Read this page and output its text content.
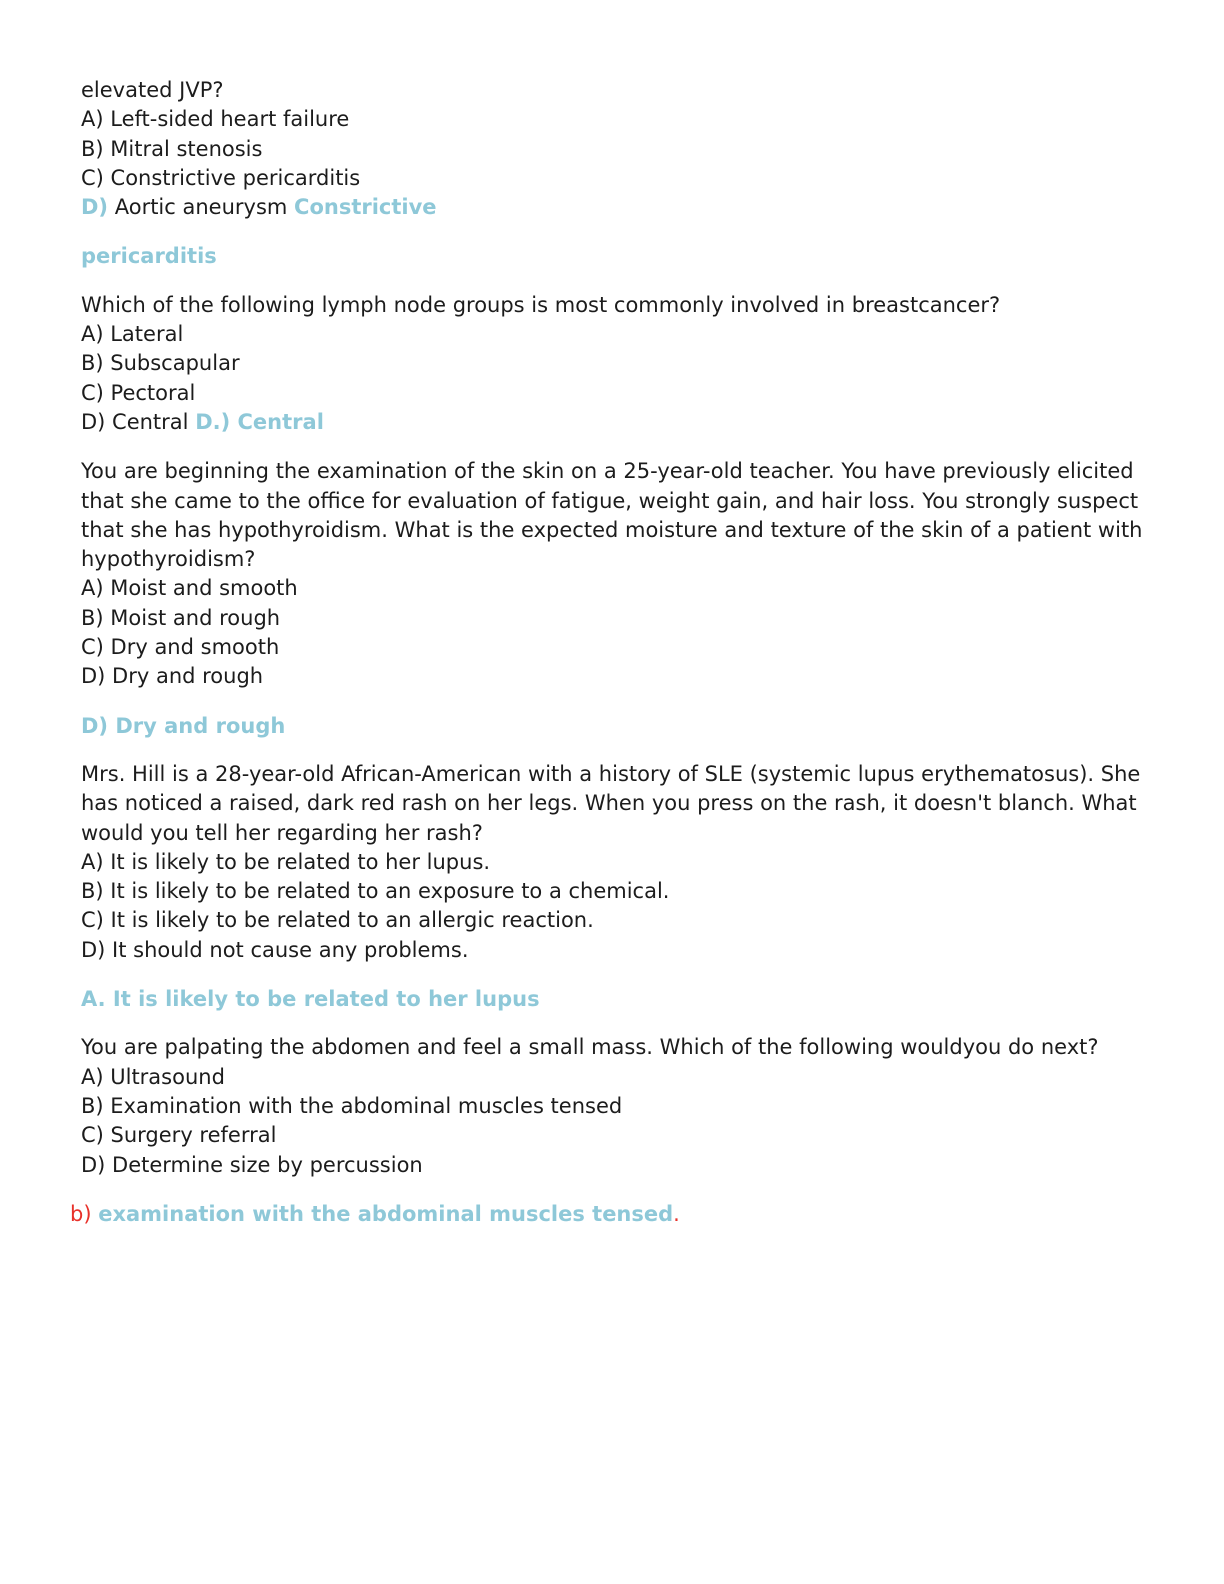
elevated JVP?
A) Left-sided heart failure
B) Mitral stenosis
C) Constrictive pericarditis
D) Aortic aneurysm Constrictive
pericarditis
Which of the following lymph node groups is most commonly involved in breastcancer?
A) Lateral
B) Subscapular
C) Pectoral
D) Central D.) Central
You are beginning the examination of the skin on a 25-year-old teacher. You have previously elicited that she came to the office for evaluation of fatigue, weight gain, and hair loss. You strongly suspect that she has hypothyroidism. What is the expected moisture and texture of the skin of a patient with hypothyroidism?
A) Moist and smooth
B) Moist and rough
C) Dry and smooth
D) Dry and rough
D) Dry and rough
Mrs. Hill is a 28-year-old African-American with a history of SLE (systemic lupus erythematosus). She has noticed a raised, dark red rash on her legs. When you press on the rash, it doesn't blanch. What would you tell her regarding her rash?
A) It is likely to be related to her lupus.
B) It is likely to be related to an exposure to a chemical.
C) It is likely to be related to an allergic reaction.
D) It should not cause any problems.
A. It is likely to be related to her lupus
You are palpating the abdomen and feel a small mass. Which of the following wouldyou do next?
A) Ultrasound
B) Examination with the abdominal muscles tensed
C) Surgery referral
D) Determine size by percussion
b) examination with the abdominal muscles tensed.
